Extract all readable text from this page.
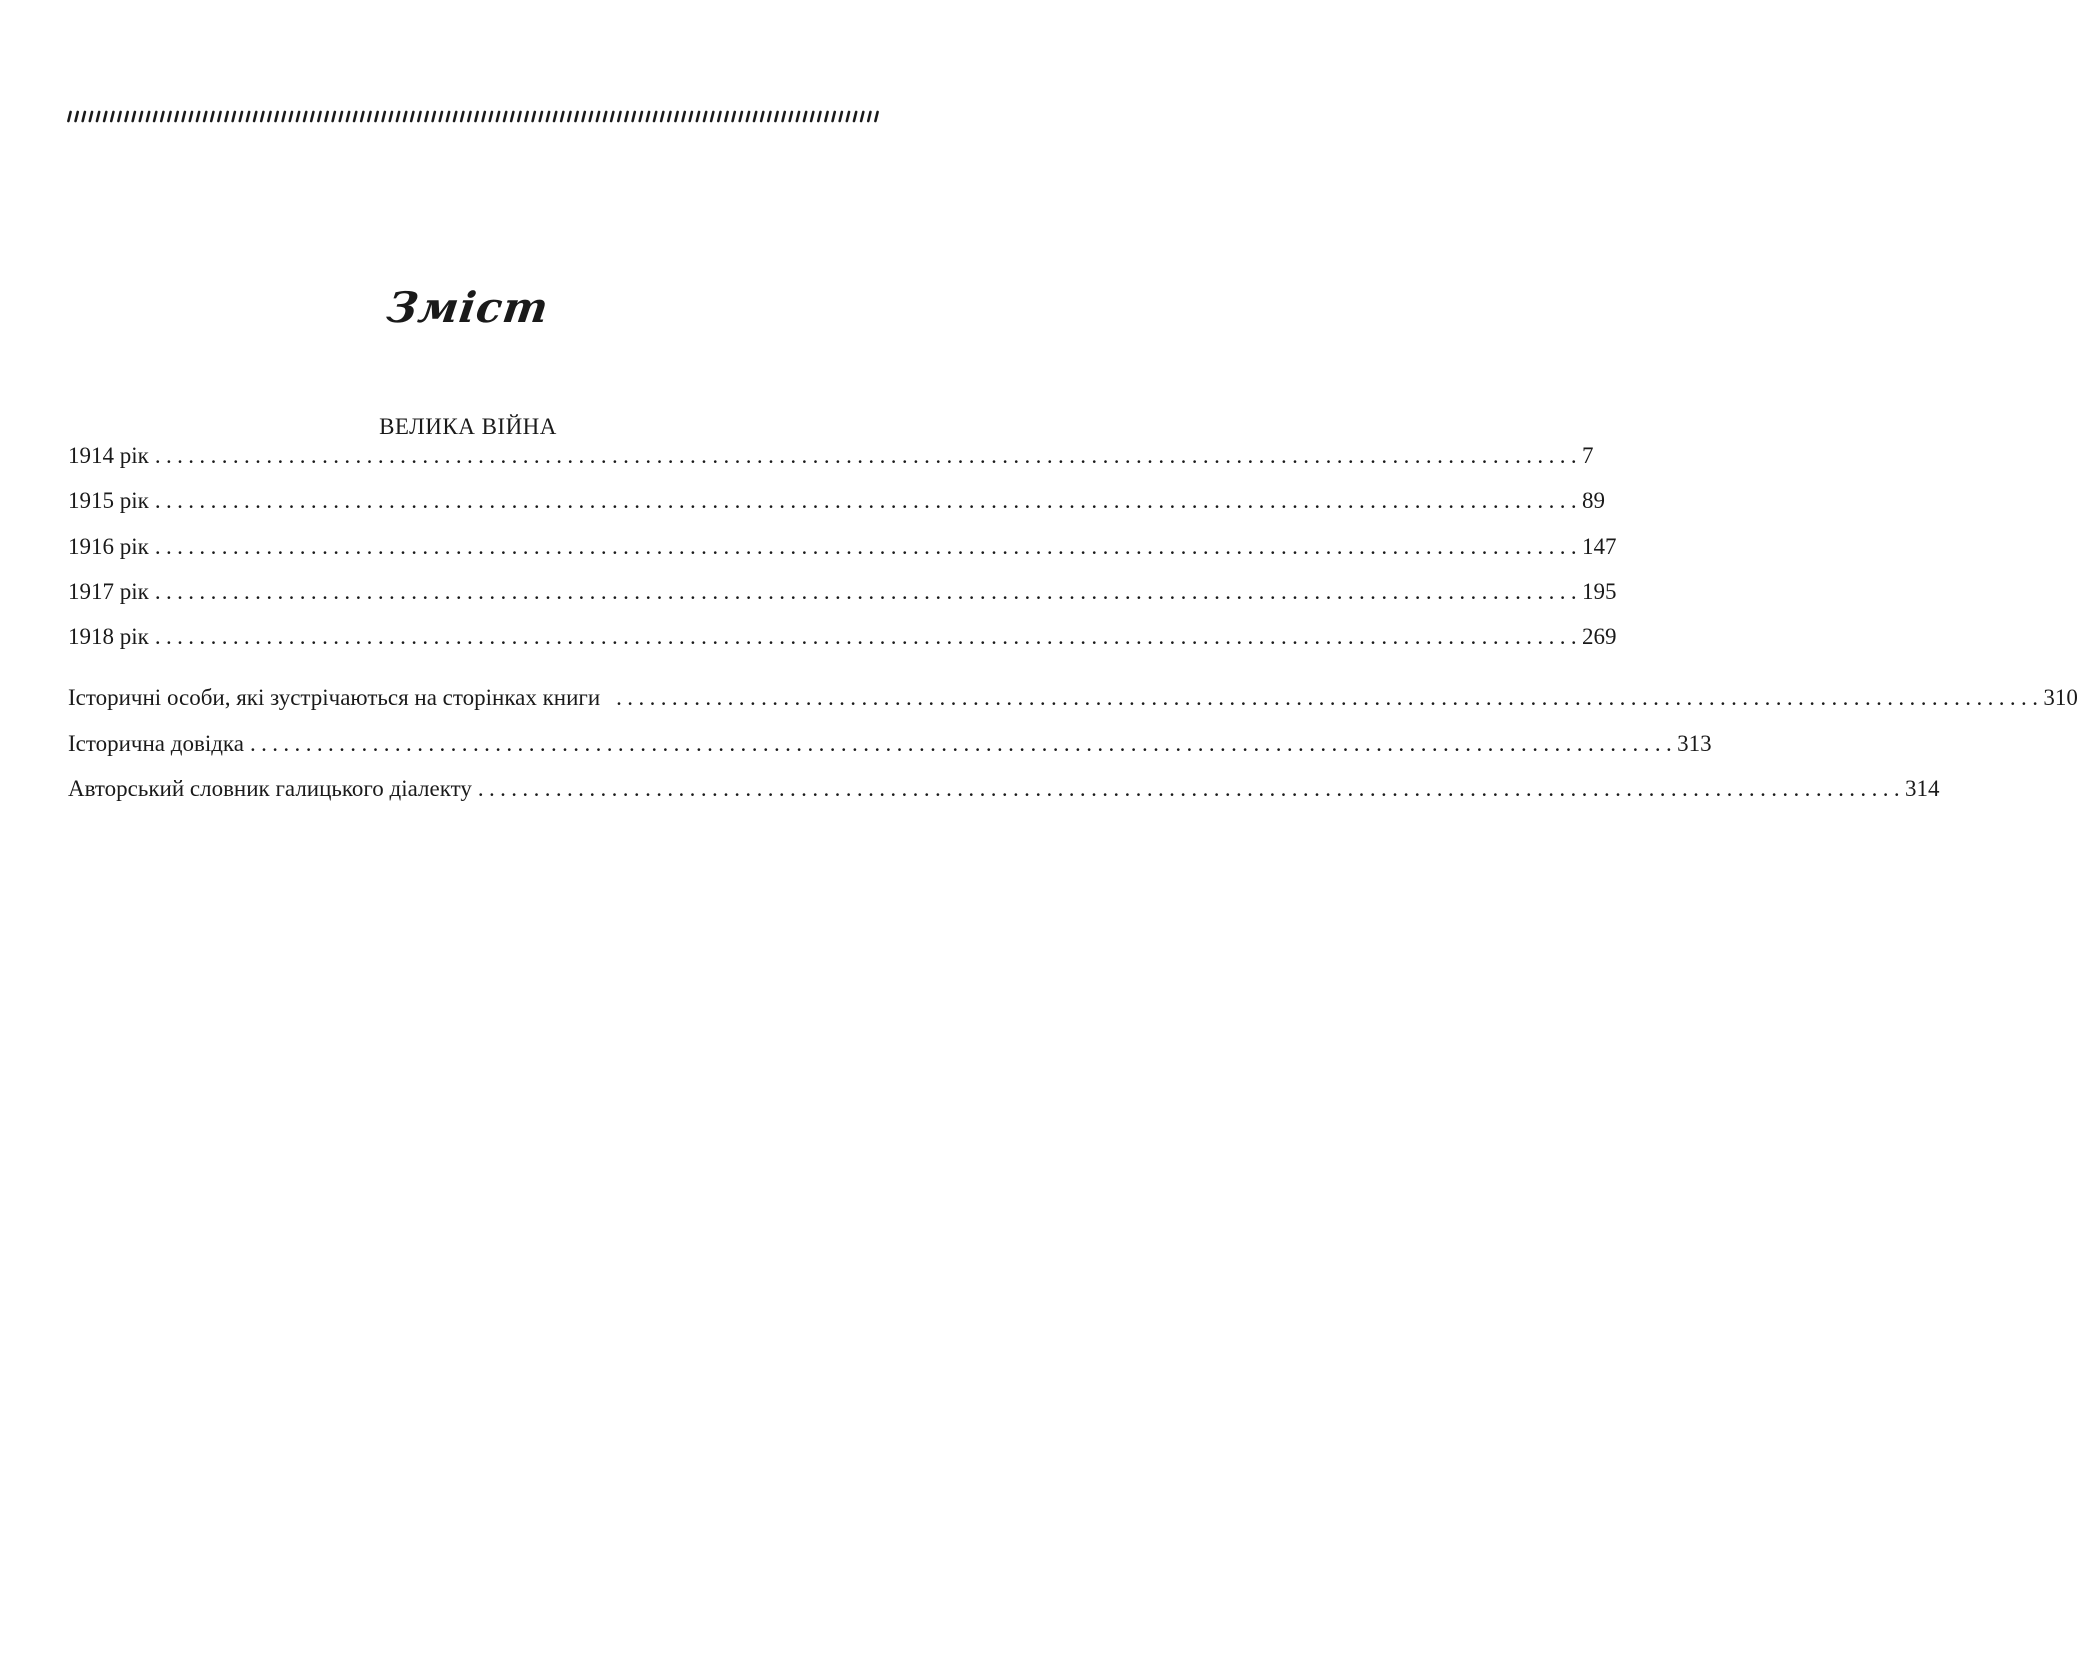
Зміст
ВЕЛИКА ВІЙНА
1914 рік ................................................................................................................................ 7
1915 рік ................................................................................................................................ 89
1916 рік ................................................................................................................................ 147
1917 рік ................................................................................................................................ 195
1918 рік ................................................................................................................................ 269
Історичні особи, які зустрічаються на сторінках книги ................................................................................................................................ 310
Історична довідка ................................................................................................................................ 313
Авторський словник галицького діалекту ................................................................................................................................ 314
